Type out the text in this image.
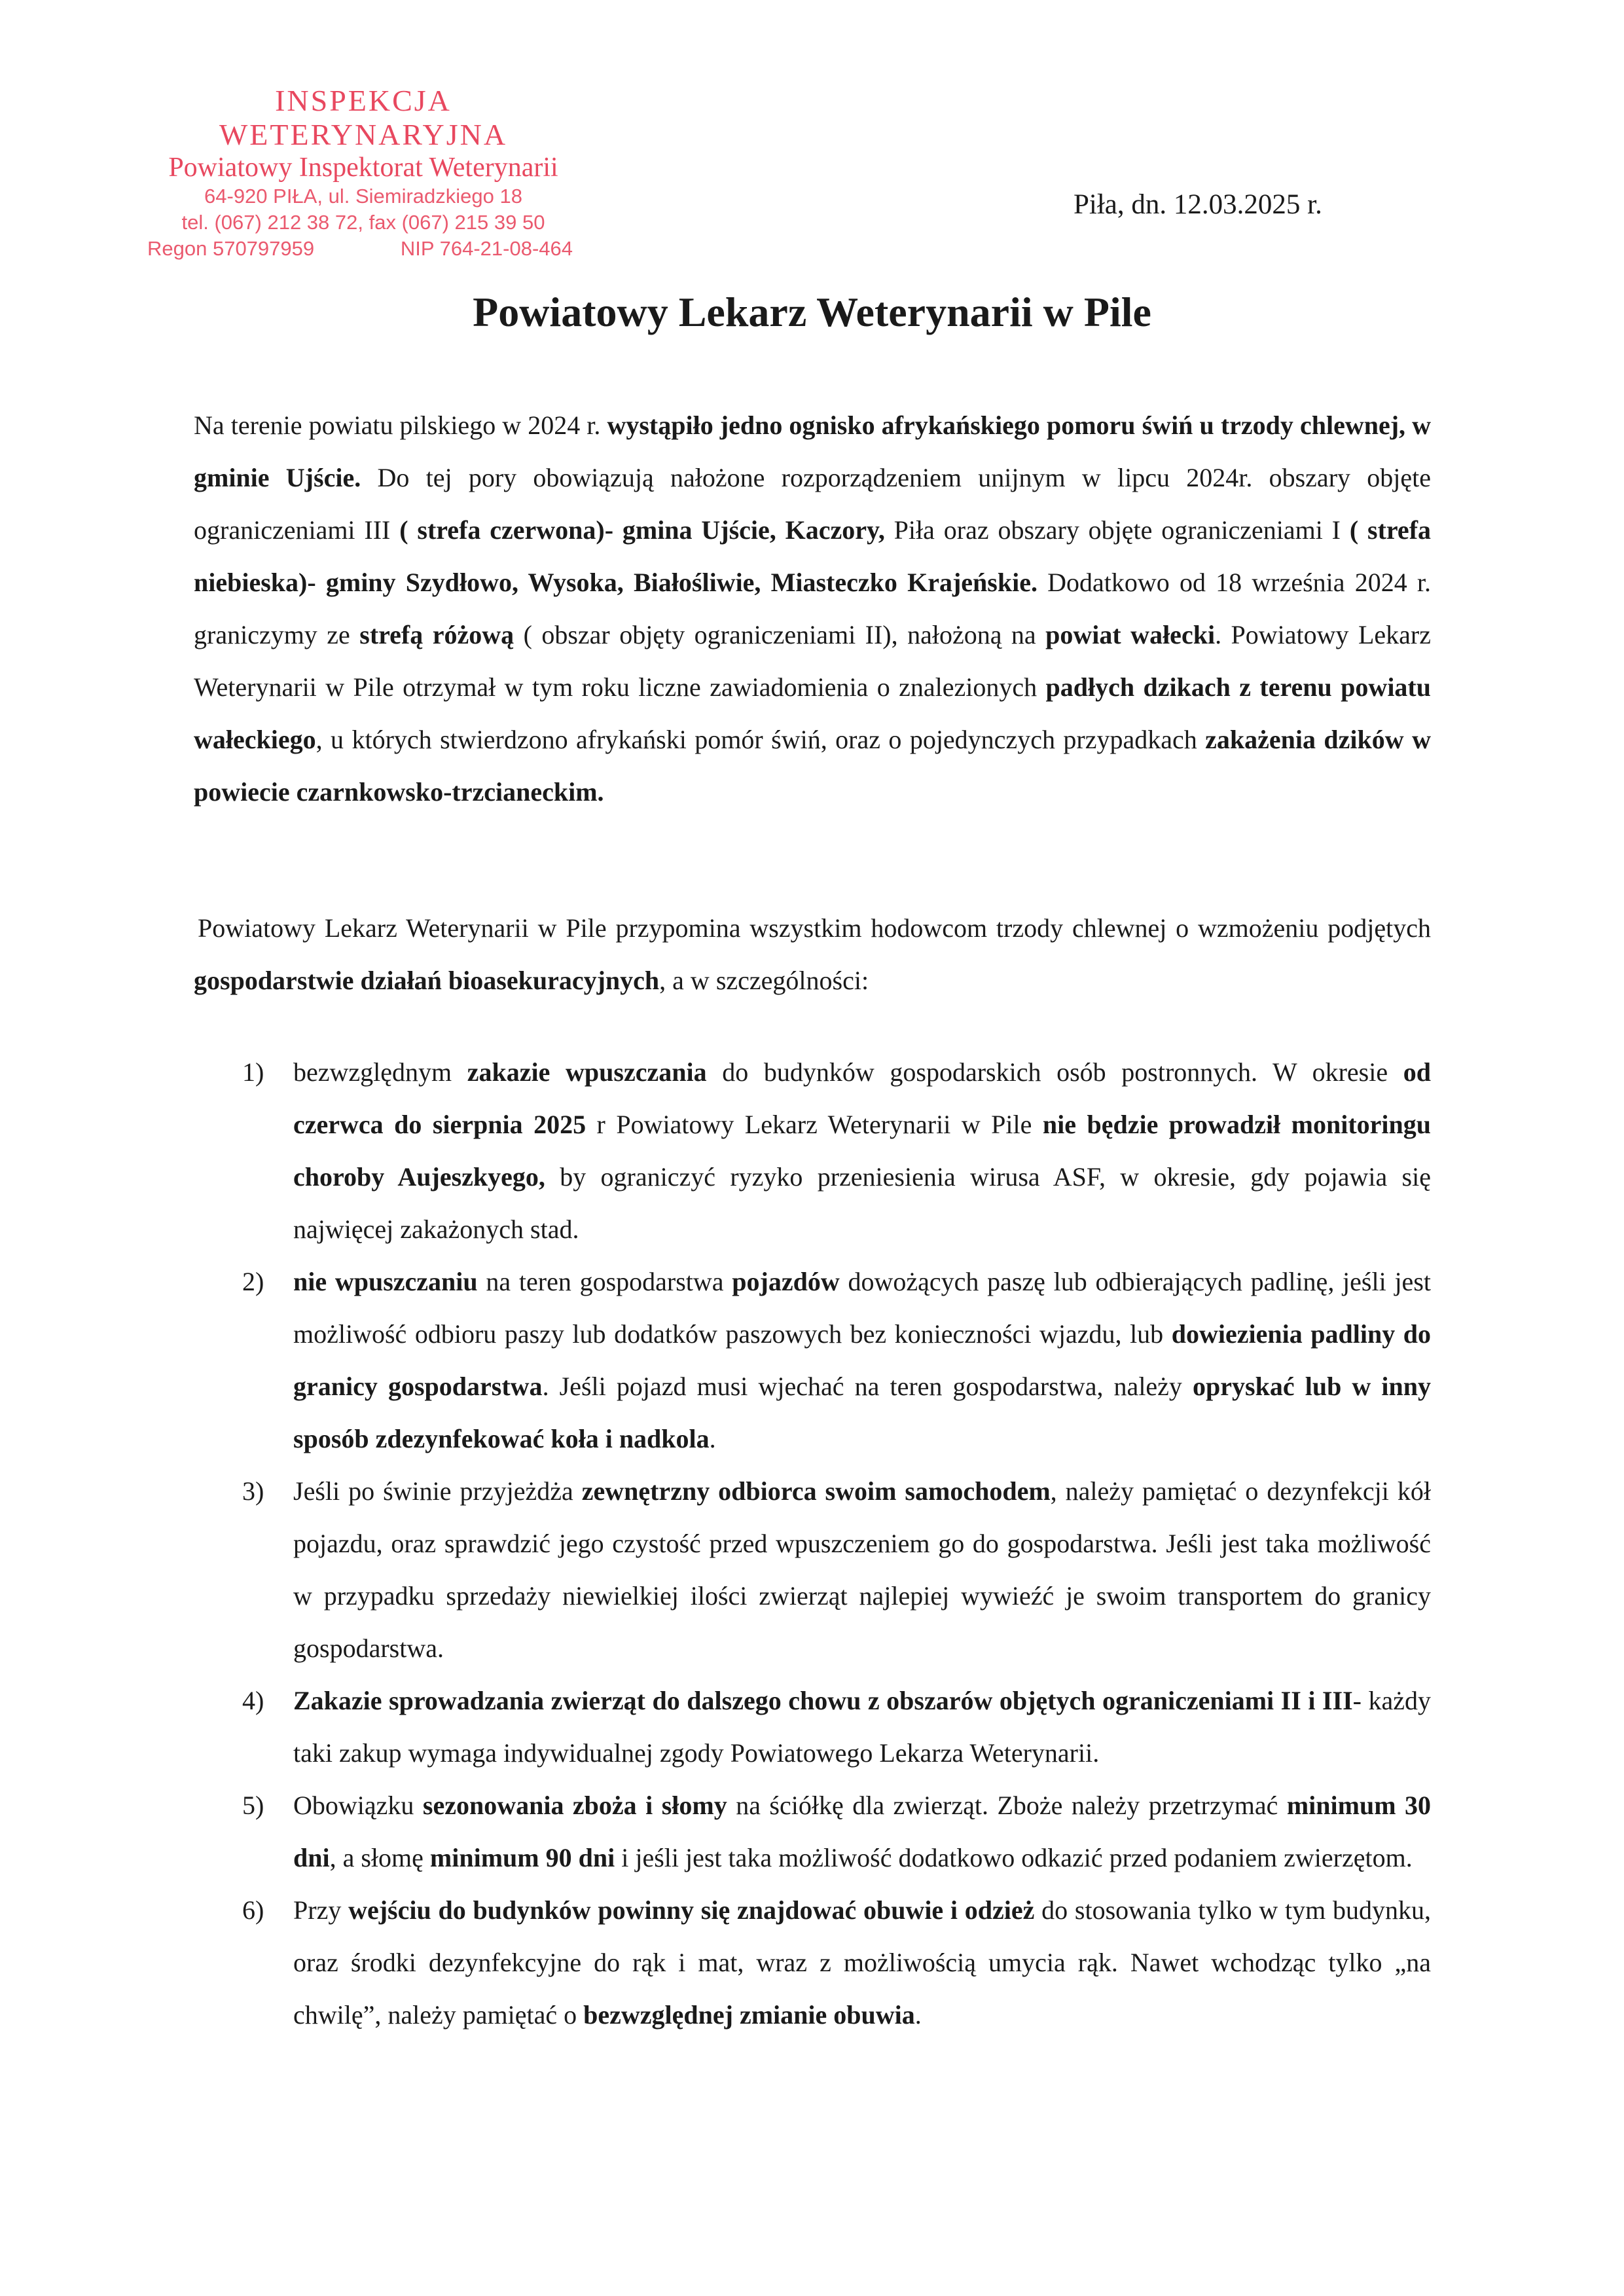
INSPEKCJA WETERYNARYJNA
Powiatowy Inspektorat Weterynarii
64-920 PIŁA, ul. Siemiradzkiego 18
tel. (067) 212 38 72, fax (067) 215 39 50
Regon 570797959	NIP 764-21-08-464
Piła, dn. 12.03.2025 r.
Powiatowy Lekarz Weterynarii w Pile

Na terenie powiatu pilskiego w 2024 r. wystąpiło jedno ognisko afrykańskiego pomoru świń u trzody chlewnej, w gminie Ujście. Do tej pory obowiązują nałożone rozporządzeniem unijnym w lipcu 2024r. obszary objęte ograniczeniami III ( strefa czerwona)- gmina Ujście, Kaczory, Piła oraz obszary objęte ograniczeniami I ( strefa niebieska)- gminy Szydłowo, Wysoka, Białośliwie, Miasteczko Krajeńskie. Dodatkowo od 18 września 2024 r. graniczymy ze strefą różową ( obszar objęty ograniczeniami II), nałożoną na powiat wałecki. Powiatowy Lekarz Weterynarii w Pile otrzymał w tym roku liczne zawiadomienia o znalezionych padłych dzikach z terenu powiatu wałeckiego, u których stwierdzono afrykański pomór świń, oraz o pojedynczych przypadkach zakażenia dzików w powiecie czarnkowsko-trzcianeckim.

Powiatowy Lekarz Weterynarii w Pile przypomina wszystkim hodowcom trzody chlewnej o wzmożeniu podjętych gospodarstwie działań bioasekuracyjnych, a w szczególności:

1) bezwzględnym zakazie wpuszczania do budynków gospodarskich osób postronnych. W okresie od czerwca do sierpnia 2025 r Powiatowy Lekarz Weterynarii w Pile nie będzie prowadził monitoringu choroby Aujeszkyego, by ograniczyć ryzyko przeniesienia wirusa ASF, w okresie, gdy pojawia się najwięcej zakażonych stad.
2) nie wpuszczaniu na teren gospodarstwa pojazdów dowożących paszę lub odbierających padlinę, jeśli jest możliwość odbioru paszy lub dodatków paszowych bez konieczności wjazdu, lub dowiezienia padliny do granicy gospodarstwa. Jeśli pojazd musi wjechać na teren gospodarstwa, należy opryskać lub w inny sposób zdezynfekować koła i nadkola.
3) Jeśli po świnie przyjeżdża zewnętrzny odbiorca swoim samochodem, należy pamiętać o dezynfekcji kół pojazdu, oraz sprawdzić jego czystość przed wpuszczeniem go do gospodarstwa. Jeśli jest taka możliwość w przypadku sprzedaży niewielkiej ilości zwierząt najlepiej wywieźć je swoim transportem do granicy gospodarstwa.
4) Zakazie sprowadzania zwierząt do dalszego chowu z obszarów objętych ograniczeniami II i III- każdy taki zakup wymaga indywidualnej zgody Powiatowego Lekarza Weterynarii.
5) Obowiązku sezonowania zboża i słomy na ściółkę dla zwierząt. Zboże należy przetrzymać minimum 30 dni, a słomę minimum 90 dni i jeśli jest taka możliwość dodatkowo odkazić przed podaniem zwierzętom.
6) Przy wejściu do budynków powinny się znajdować obuwie i odzież do stosowania tylko w tym budynku, oraz środki dezynfekcyjne do rąk i mat, wraz z możliwością umycia rąk. Nawet wchodząc tylko „na chwilę”, należy pamiętać o bezwzględnej zmianie obuwia.
